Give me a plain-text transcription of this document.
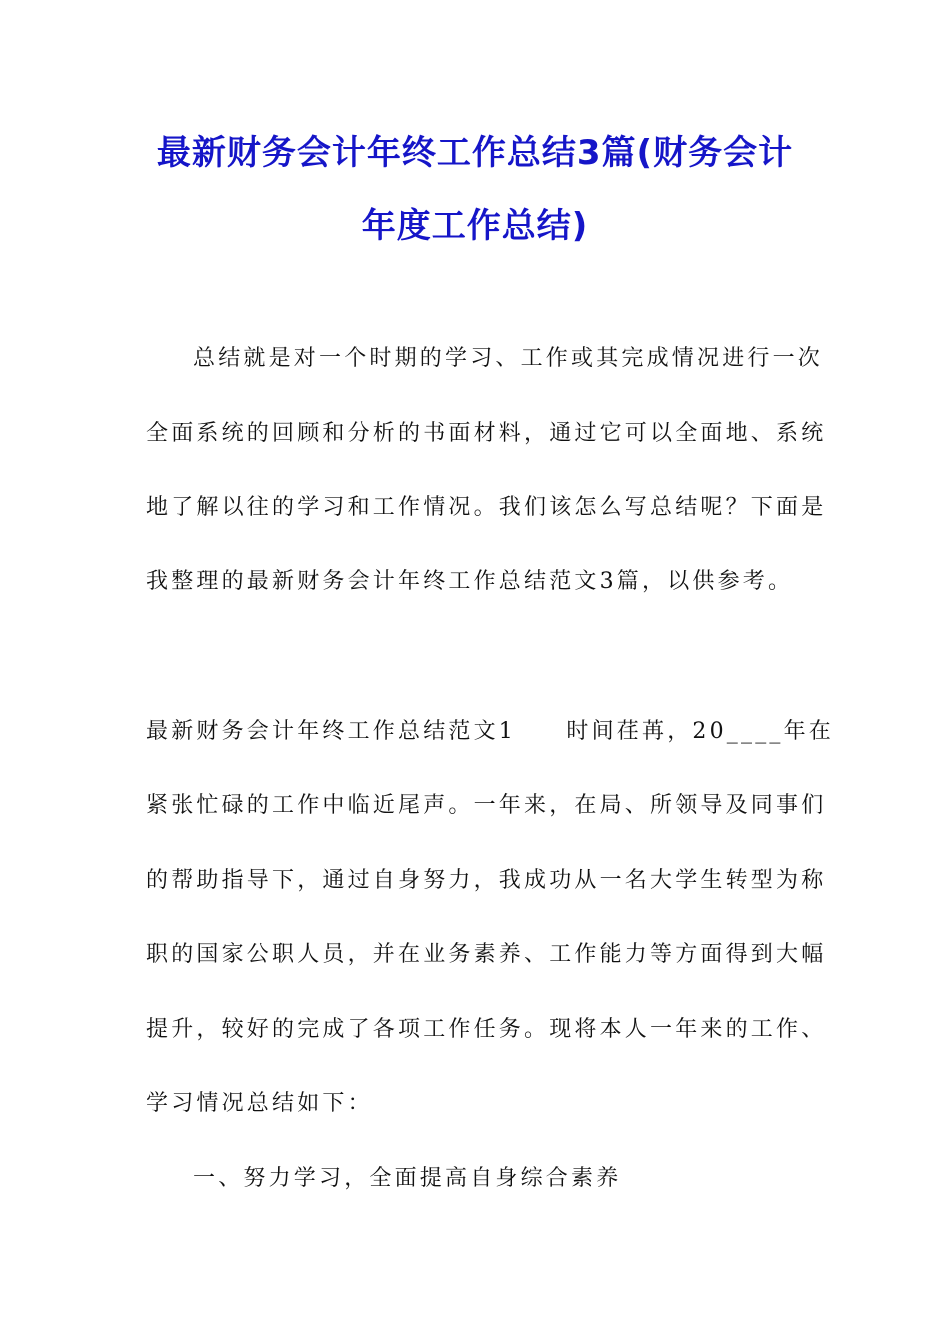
最新财务会计年终工作总结3篇(财务会计
年度工作总结)
总结就是对一个时期的学习、工作或其完成情况进行一次
全面系统的回顾和分析的书面材料，通过它可以全面地、系统
地了解以往的学习和工作情况。我们该怎么写总结呢？下面是
我整理的最新财务会计年终工作总结范文3篇，以供参考。
最新财务会计年终工作总结范文1　　时间荏苒，20____年在
紧张忙碌的工作中临近尾声。一年来，在局、所领导及同事们
的帮助指导下，通过自身努力，我成功从一名大学生转型为称
职的国家公职人员，并在业务素养、工作能力等方面得到大幅
提升，较好的完成了各项工作任务。现将本人一年来的工作、
学习情况总结如下：
一、努力学习，全面提高自身综合素养
